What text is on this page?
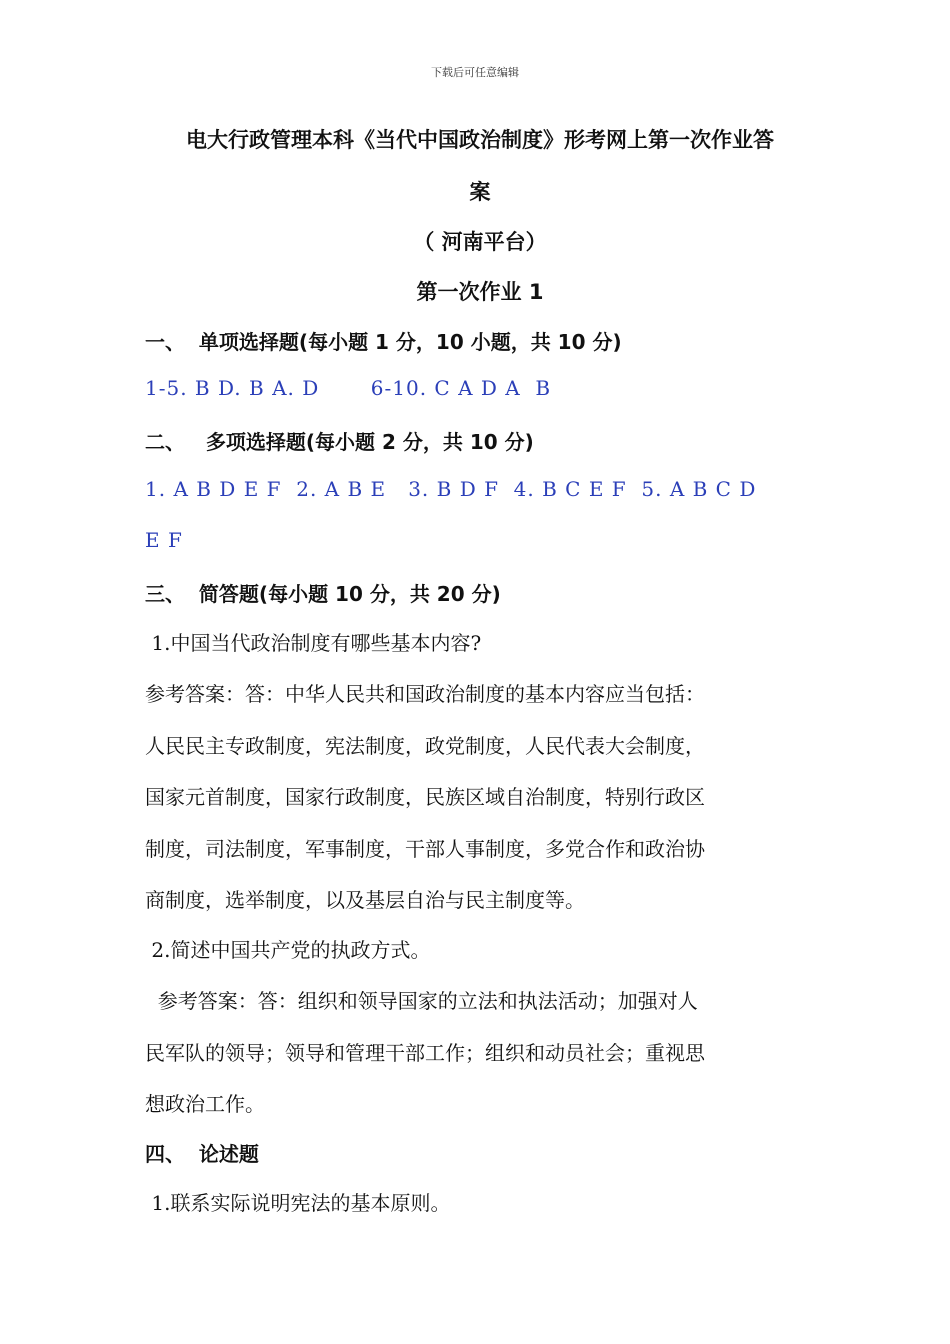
下载后可任意编辑
电大行政管理本科《当代中国政治制度》形考网上第一次作业答
案
（ 河南平台）
第一次作业 1
一、  单项选择题(每小题 1 分，10 小题，共 10 分)
1-5. B D. B A. D       6-10. C A D A  B
二、   多项选择题(每小题 2 分，共 10 分)
1. A B D E F  2. A B E   3. B D F  4. B C E F  5. A B C D
E F
三、  简答题(每小题 10 分，共 20 分)
1.中国当代政治制度有哪些基本内容?
参考答案：答：中华人民共和国政治制度的基本内容应当包括：
人民民主专政制度，宪法制度，政党制度，人民代表大会制度，
国家元首制度，国家行政制度，民族区域自治制度，特别行政区
制度，司法制度，军事制度，干部人事制度，多党合作和政治协
商制度，选举制度，以及基层自治与民主制度等。
2.简述中国共产党的执政方式。
参考答案：答：组织和领导国家的立法和执法活动；加强对人
民军队的领导；领导和管理干部工作；组织和动员社会；重视思
想政治工作。
四、  论述题
1.联系实际说明宪法的基本原则。
